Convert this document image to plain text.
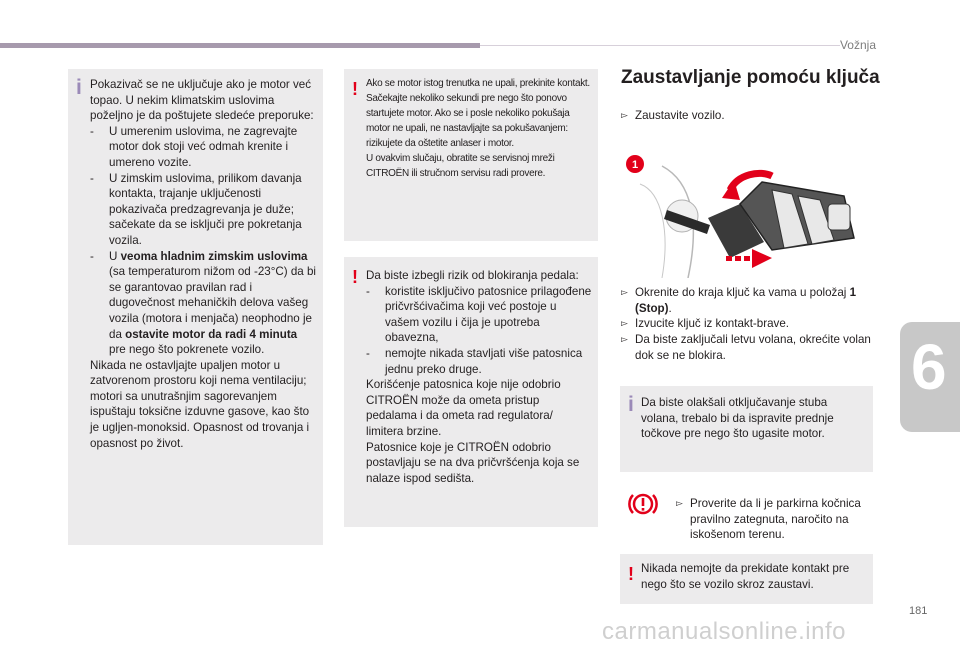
Vožnja
6
181
carmanualsonline.info
i Pokazivač se ne uključuje ako je motor već topao. U nekim klimatskim uslovima poželjno je da poštujete sledeće preporuke:

-	U umerenim uslovima, ne zagrevajte motor dok stoji već odmah krenite i umereno vozite.
-	U zimskim uslovima, prilikom davanja kontakta, trajanje uključenosti pokazivača predzagrevanja je duže; sačekate da se isključi pre pokretanja vozila.
-	U veoma hladnim zimskim uslovima (sa temperaturom nižom od -23°C) da bi se garantovao pravilan rad i dugovečnost mehaničkih delova vašeg vozila (motora i menjača) neophodno je da ostavite motor da radi 4 minuta pre nego što pokrenete vozilo.

Nikada ne ostavljajte upaljen motor u zatvorenom prostoru koji nema ventilaciju; motori sa unutrašnjim sagorevanjem ispuštaju toksične izduvne gasove, kao što je ugljen-monoksid. Opasnost od trovanja i opasnost po život.

! Ako se motor istog trenutka ne upali, prekinite kontakt.

Sačekajte nekoliko sekundi pre nego što ponovo startujete motor. Ako se i posle nekoliko pokušaja motor ne upali, ne nastavljajte sa pokušavanjem: rizikujete da oštetite anlaser i motor.

U ovakvim slučaju, obratite se servisnoj mreži CITROËN ili stručnom servisu radi provere.

! Da biste izbegli rizik od blokiranja pedala:

-	koristite isključivo patosnice prilagođene pričvršćivačima koji već postoje u vašem vozilu i čija je upotreba obavezna,
-	nemojte nikada stavljati više patosnica jednu preko druge.

Korišćenje patosnica koje nije odobrio CITROËN može da ometa pristup pedalama i da ometa rad regulatora/ limitera brzine.

Patosnice koje je CITROËN odobrio postavljaju se na dva pričvršćenja koja se nalaze ispod sedišta.

Zaustavljanje pomoću ključa
▻ Zaustavite vozilo.
1
▻ Okrenite do kraja ključ ka vama u položaj 1 (Stop).
▻ Izvucite ključ iz kontakt-brave.
▻ Da biste zaključali letvu volana, okrećite volan dok se ne blokira.
i Da biste olakšali otključavanje stuba volana, trebalo bi da ispravite prednje točkove pre nego što ugasite motor.

▻ Proverite da li je parkirna kočnica pravilno zategnuta, naročito na iskošenom terenu.
! Nikada nemojte da prekidate kontakt pre nego što se vozilo skroz zaustavi.
